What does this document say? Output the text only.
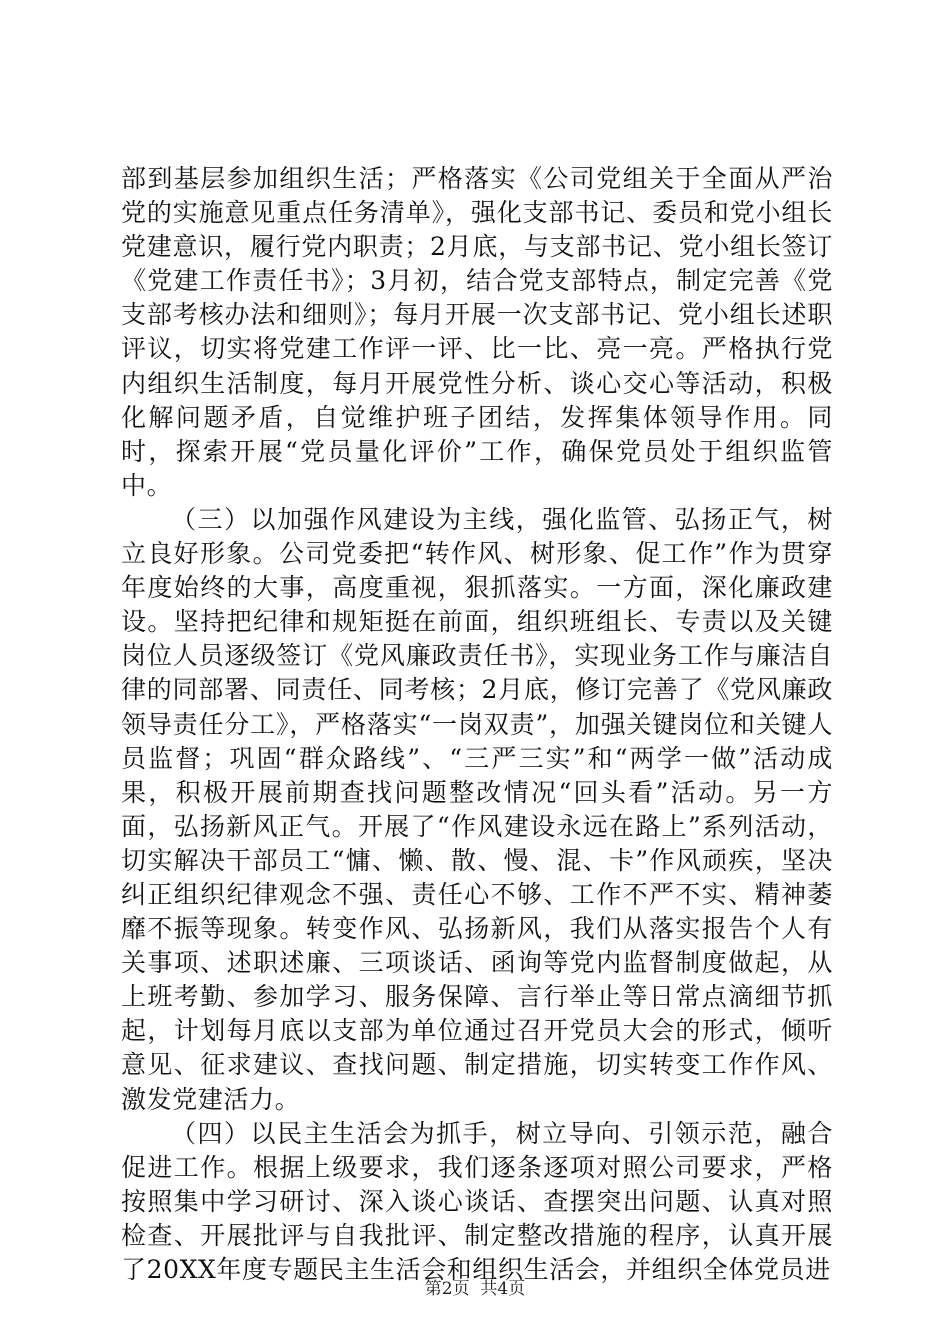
部到基层参加组织生活；严格落实《公司党组关于全面从严治党的实施意见重点任务清单》，强化支部书记、委员和党小组长党建意识，履行党内职责；2月底，与支部书记、党小组长签订《党建工作责任书》；3月初，结合党支部特点，制定完善《党支部考核办法和细则》；每月开展一次支部书记、党小组长述职评议，切实将党建工作评一评、比一比、亮一亮。严格执行党内组织生活制度，每月开展党性分析、谈心交心等活动，积极化解问题矛盾，自觉维护班子团结，发挥集体领导作用。同时，探索开展“党员量化评价”工作，确保党员处于组织监管中。

（三）以加强作风建设为主线，强化监管、弘扬正气，树立良好形象。公司党委把“转作风、树形象、促工作”作为贯穿年度始终的大事，高度重视，狠抓落实。一方面，深化廉政建设。坚持把纪律和规矩挺在前面，组织班组长、专责以及关键岗位人员逐级签订《党风廉政责任书》，实现业务工作与廉洁自律的同部署、同责任、同考核；2月底，修订完善了《党风廉政领导责任分工》，严格落实“一岗双责”，加强关键岗位和关键人员监督；巩固“群众路线”、“三严三实”和“两学一做”活动成果，积极开展前期查找问题整改情况“回头看”活动。另一方面，弘扬新风正气。开展了“作风建设永远在路上”系列活动，切实解决干部员工“慵、懒、散、慢、混、卡”作风顽疾，坚决纠正组织纪律观念不强、责任心不够、工作不严不实、精神萎靡不振等现象。转变作风、弘扬新风，我们从落实报告个人有关事项、述职述廉、三项谈话、函询等党内监督制度做起，从上班考勤、参加学习、服务保障、言行举止等日常点滴细节抓起，计划每月底以支部为单位通过召开党员大会的形式，倾听意见、征求建议、查找问题、制定措施，切实转变工作作风、激发党建活力。

（四）以民主生活会为抓手，树立导向、引领示范，融合促进工作。根据上级要求，我们逐条逐项对照公司要求，严格按照集中学习研讨、深入谈心谈话、查摆突出问题、认真对照检查、开展批评与自我批评、制定整改措施的程序，认真开展了20XX年度专题民主生活会和组织生活会，并组织全体党员进

第2页  共4页
